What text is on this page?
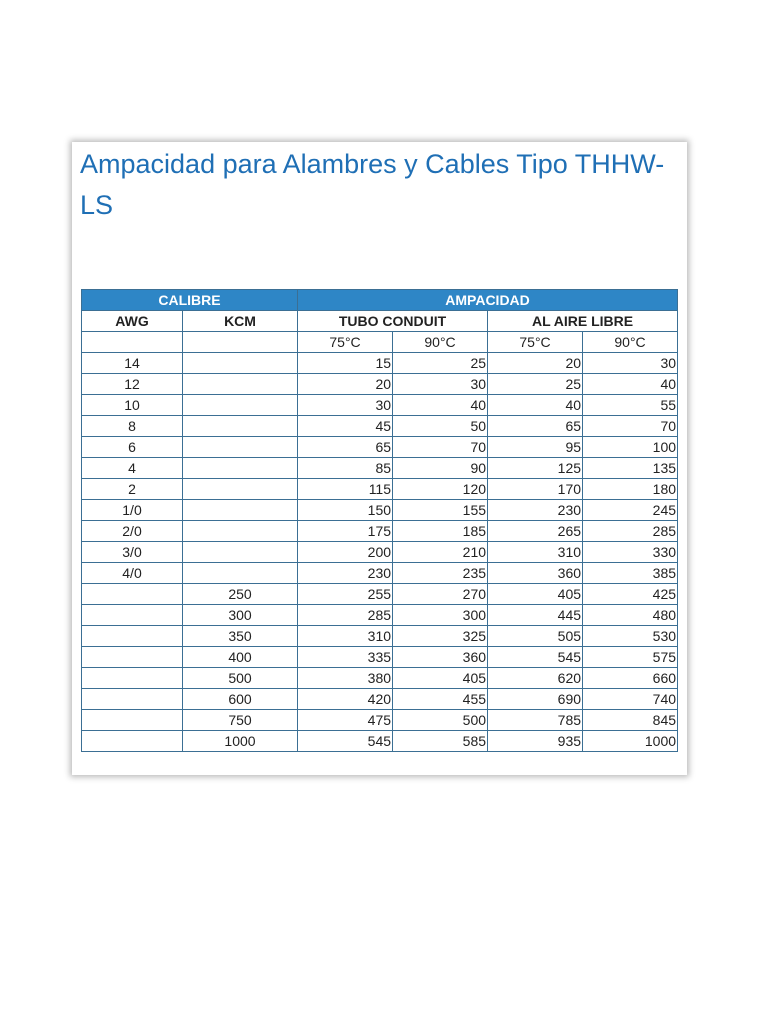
Ampacidad para Alambres y Cables Tipo THHW-LS
CALIBRE		AMPACIDAD			
AWG	KCM	TUBO CONDUIT		AL AIRE LIBRE	
		75°C	90°C	75°C	90°C
14		15	25	20	30
12		20	30	25	40
10		30	40	40	55
8		45	50	65	70
6		65	70	95	100
4		85	90	125	135
2		115	120	170	180
1/0		150	155	230	245
2/0		175	185	265	285
3/0		200	210	310	330
4/0		230	235	360	385
	250	255	270	405	425
	300	285	300	445	480
	350	310	325	505	530
	400	335	360	545	575
	500	380	405	620	660
	600	420	455	690	740
	750	475	500	785	845
	1000	545	585	935	1000
